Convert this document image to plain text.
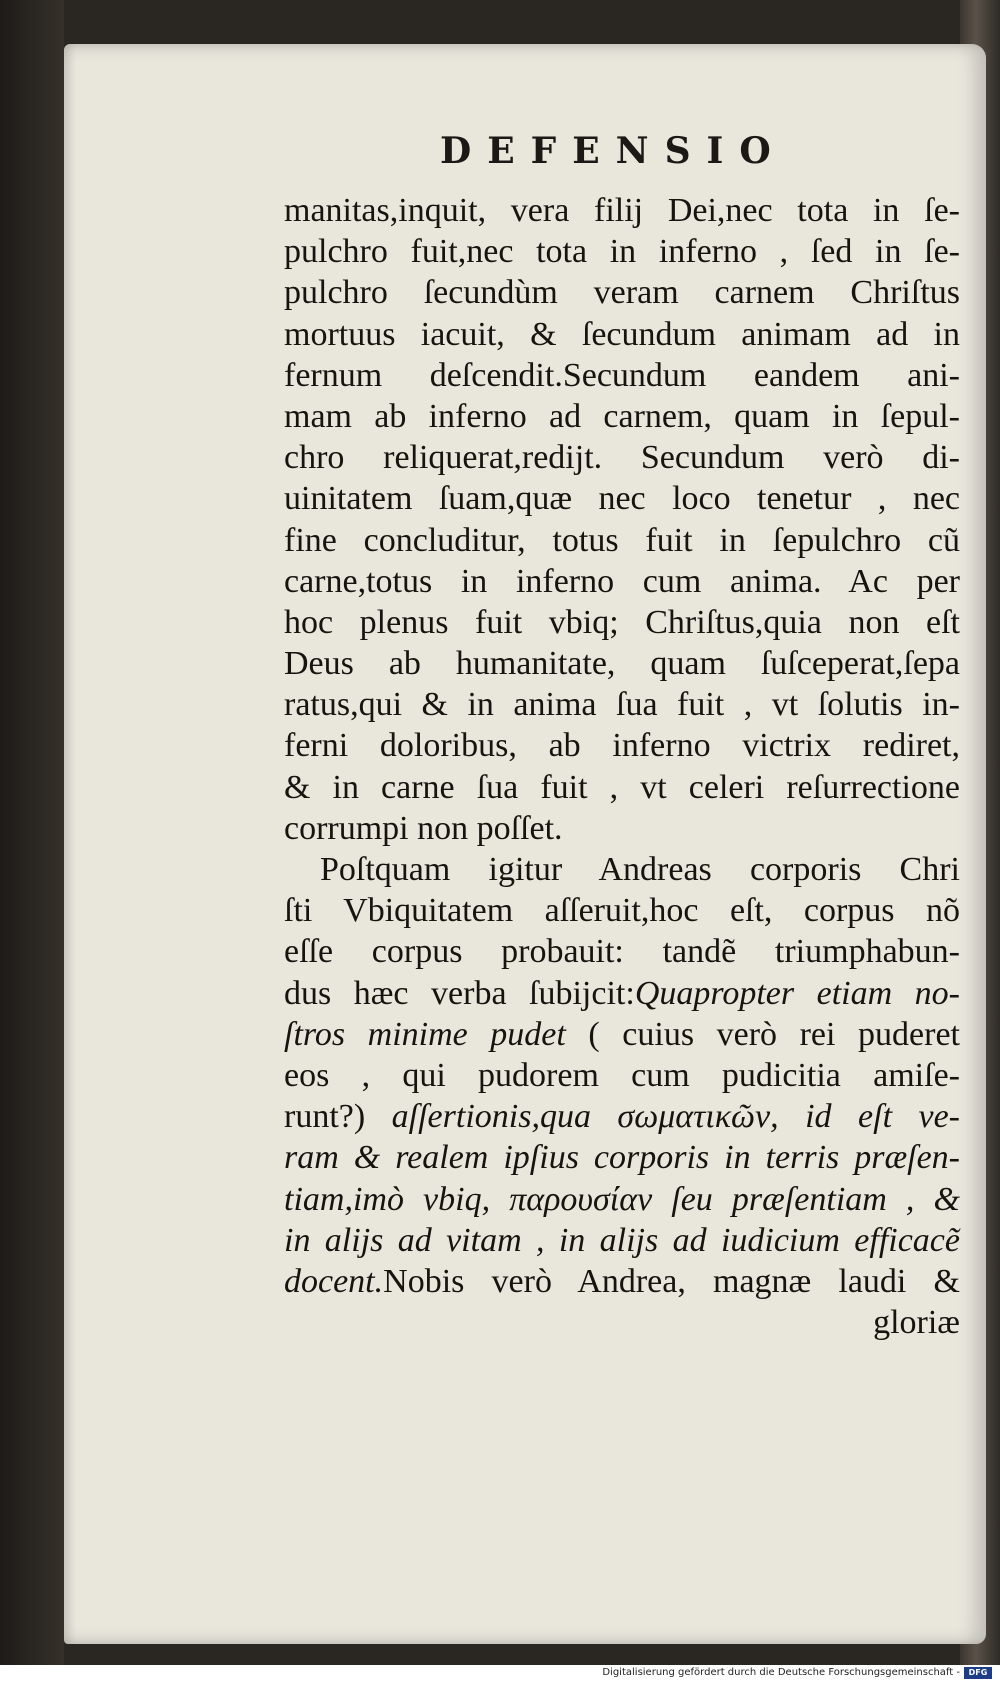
DEFENSIO
manitas,inquit, vera filij Dei,nec tota in ſe-
pulchro fuit,nec tota in inferno , ſed in ſe-
pulchro ſecundùm veram carnem Chriſtus
mortuus iacuit, & ſecundum animam ad in
fernum deſcendit.Secundum eandem ani-
mam ab inferno ad carnem, quam in ſepul-
chro reliquerat,redijt. Secundum verò di-
uinitatem ſuam,quæ nec loco tenetur , nec
fine concluditur, totus fuit in ſepulchro cũ
carne,totus in inferno cum anima. Ac per
hoc plenus fuit vbiq; Chriſtus,quia non eſt
Deus ab humanitate, quam ſuſceperat,ſepa
ratus,qui & in anima ſua fuit , vt ſolutis in-
ferni doloribus, ab inferno victrix rediret,
& in carne ſua fuit , vt celeri reſurrectione
corrumpi non poſſet.
Poſtquam igitur Andreas corporis Chri
ſti Vbiquitatem aſſeruit,hoc eſt, corpus nõ
eſſe corpus probauit: tandẽ triumphabun-
dus hæc verba ſubijcit:Quapropter etiam no-
ſtros minime pudet ( cuius verò rei puderet
eos , qui pudorem cum pudicitia amiſe-
runt?) aſſertionis,qua σωματικῶν, id eſt ve-
ram & realem ipſius corporis in terris præſen-
tiam,imò vbiq, παρουσίαν ſeu præſentiam , &
in alijs ad vitam , in alijs ad iudicium efficacẽ
docent.Nobis verò Andrea, magnæ laudi &
gloriæ
Digitalisierung gefördert durch die Deutsche Forschungsgemeinschaft -	DFG
